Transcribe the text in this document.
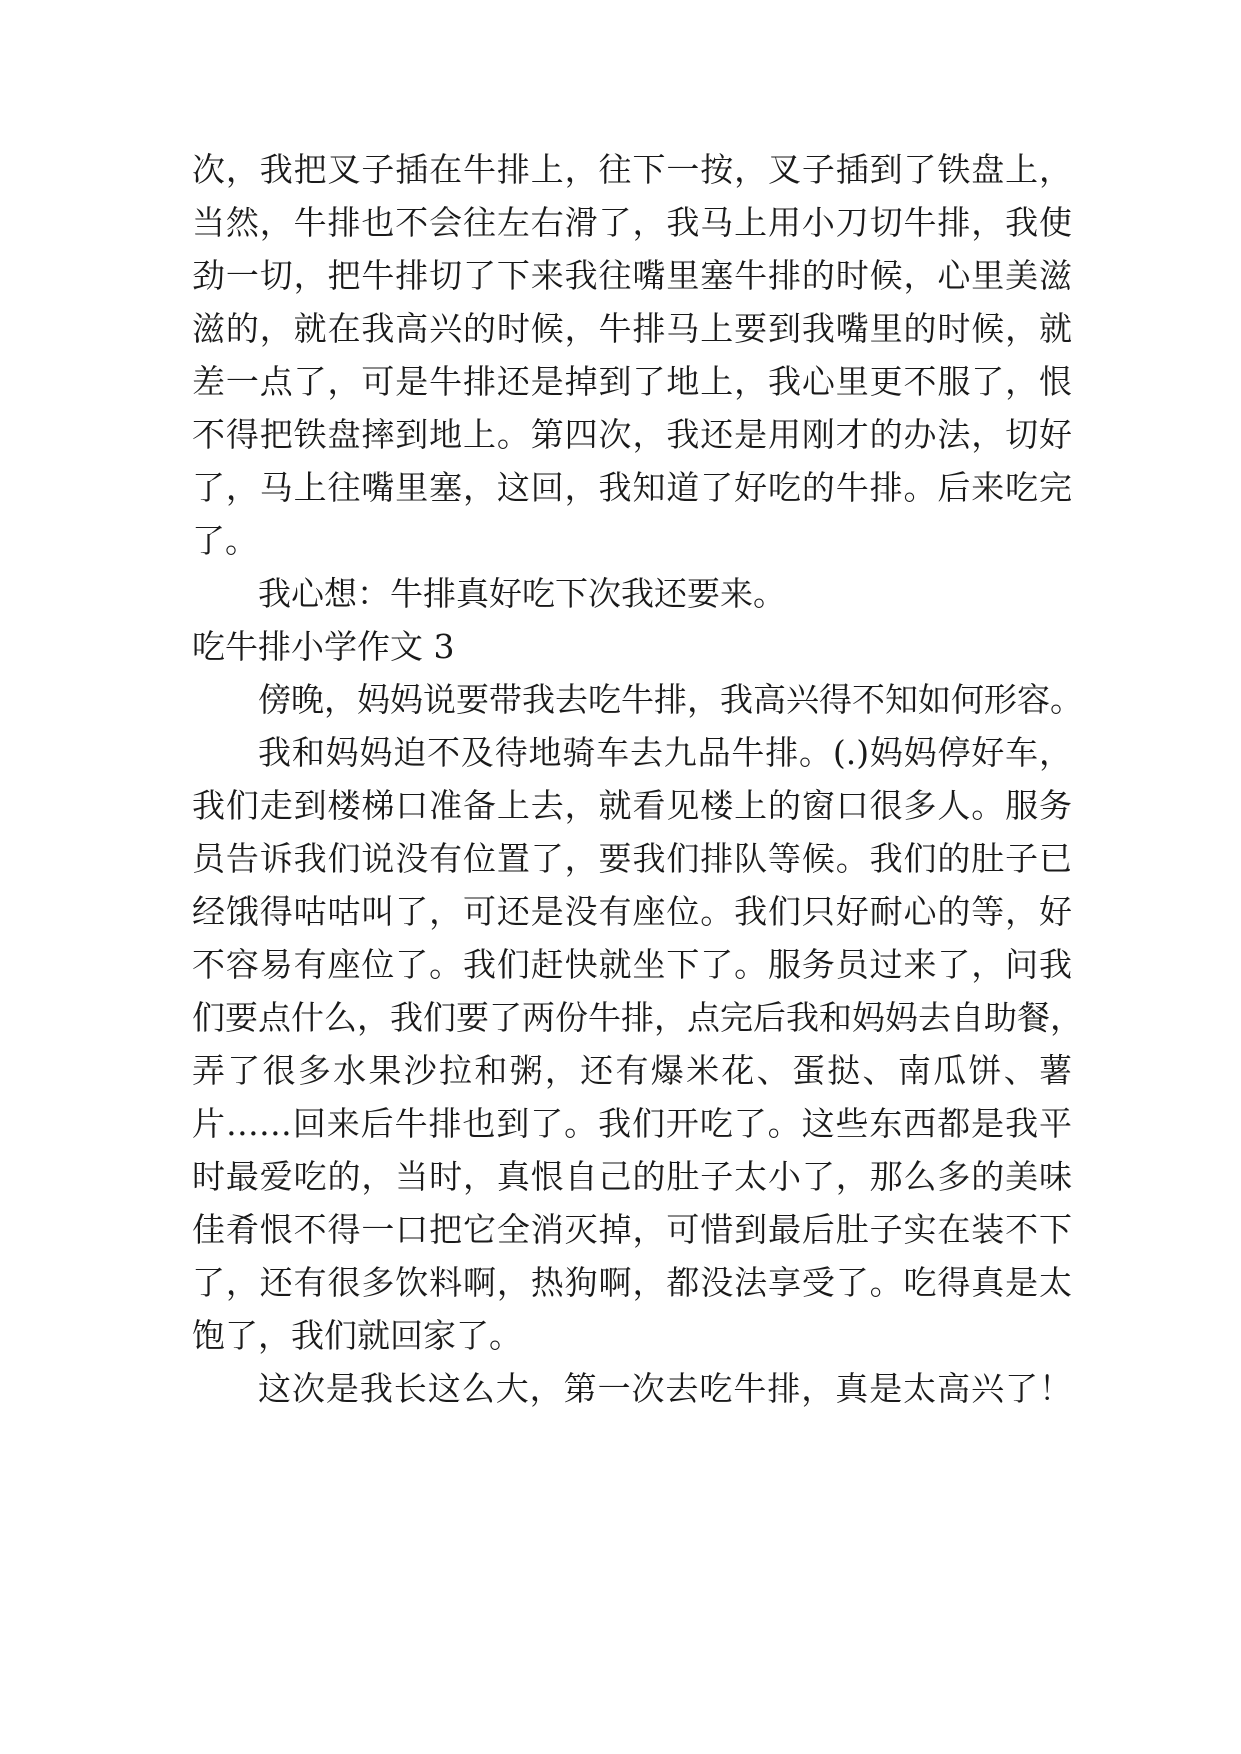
次，我把叉子插在牛排上，往下一按，叉子插到了铁盘上，

当然，牛排也不会往左右滑了，我马上用小刀切牛排，我使

劲一切，把牛排切了下来我往嘴里塞牛排的时候，心里美滋

滋的，就在我高兴的时候，牛排马上要到我嘴里的时候，就

差一点了，可是牛排还是掉到了地上，我心里更不服了，恨

不得把铁盘摔到地上。第四次，我还是用刚才的办法，切好

了，马上往嘴里塞，这回，我知道了好吃的牛排。后来吃完

了。

我心想：牛排真好吃下次我还要来。

吃牛排小学作文 3

傍晚，妈妈说要带我去吃牛排，我高兴得不知如何形容。

我和妈妈迫不及待地骑车去九品牛排。(.)妈妈停好车，

我们走到楼梯口准备上去，就看见楼上的窗口很多人。服务

员告诉我们说没有位置了，要我们排队等候。我们的肚子已

经饿得咕咕叫了，可还是没有座位。我们只好耐心的等，好

不容易有座位了。我们赶快就坐下了。服务员过来了，问我

们要点什么，我们要了两份牛排，点完后我和妈妈去自助餐，

弄了很多水果沙拉和粥，还有爆米花、蛋挞、南瓜饼、薯

片……回来后牛排也到了。我们开吃了。这些东西都是我平

时最爱吃的，当时，真恨自己的肚子太小了，那么多的美味

佳肴恨不得一口把它全消灭掉，可惜到最后肚子实在装不下

了，还有很多饮料啊，热狗啊，都没法享受了。吃得真是太

饱了，我们就回家了。

这次是我长这么大，第一次去吃牛排，真是太高兴了！
